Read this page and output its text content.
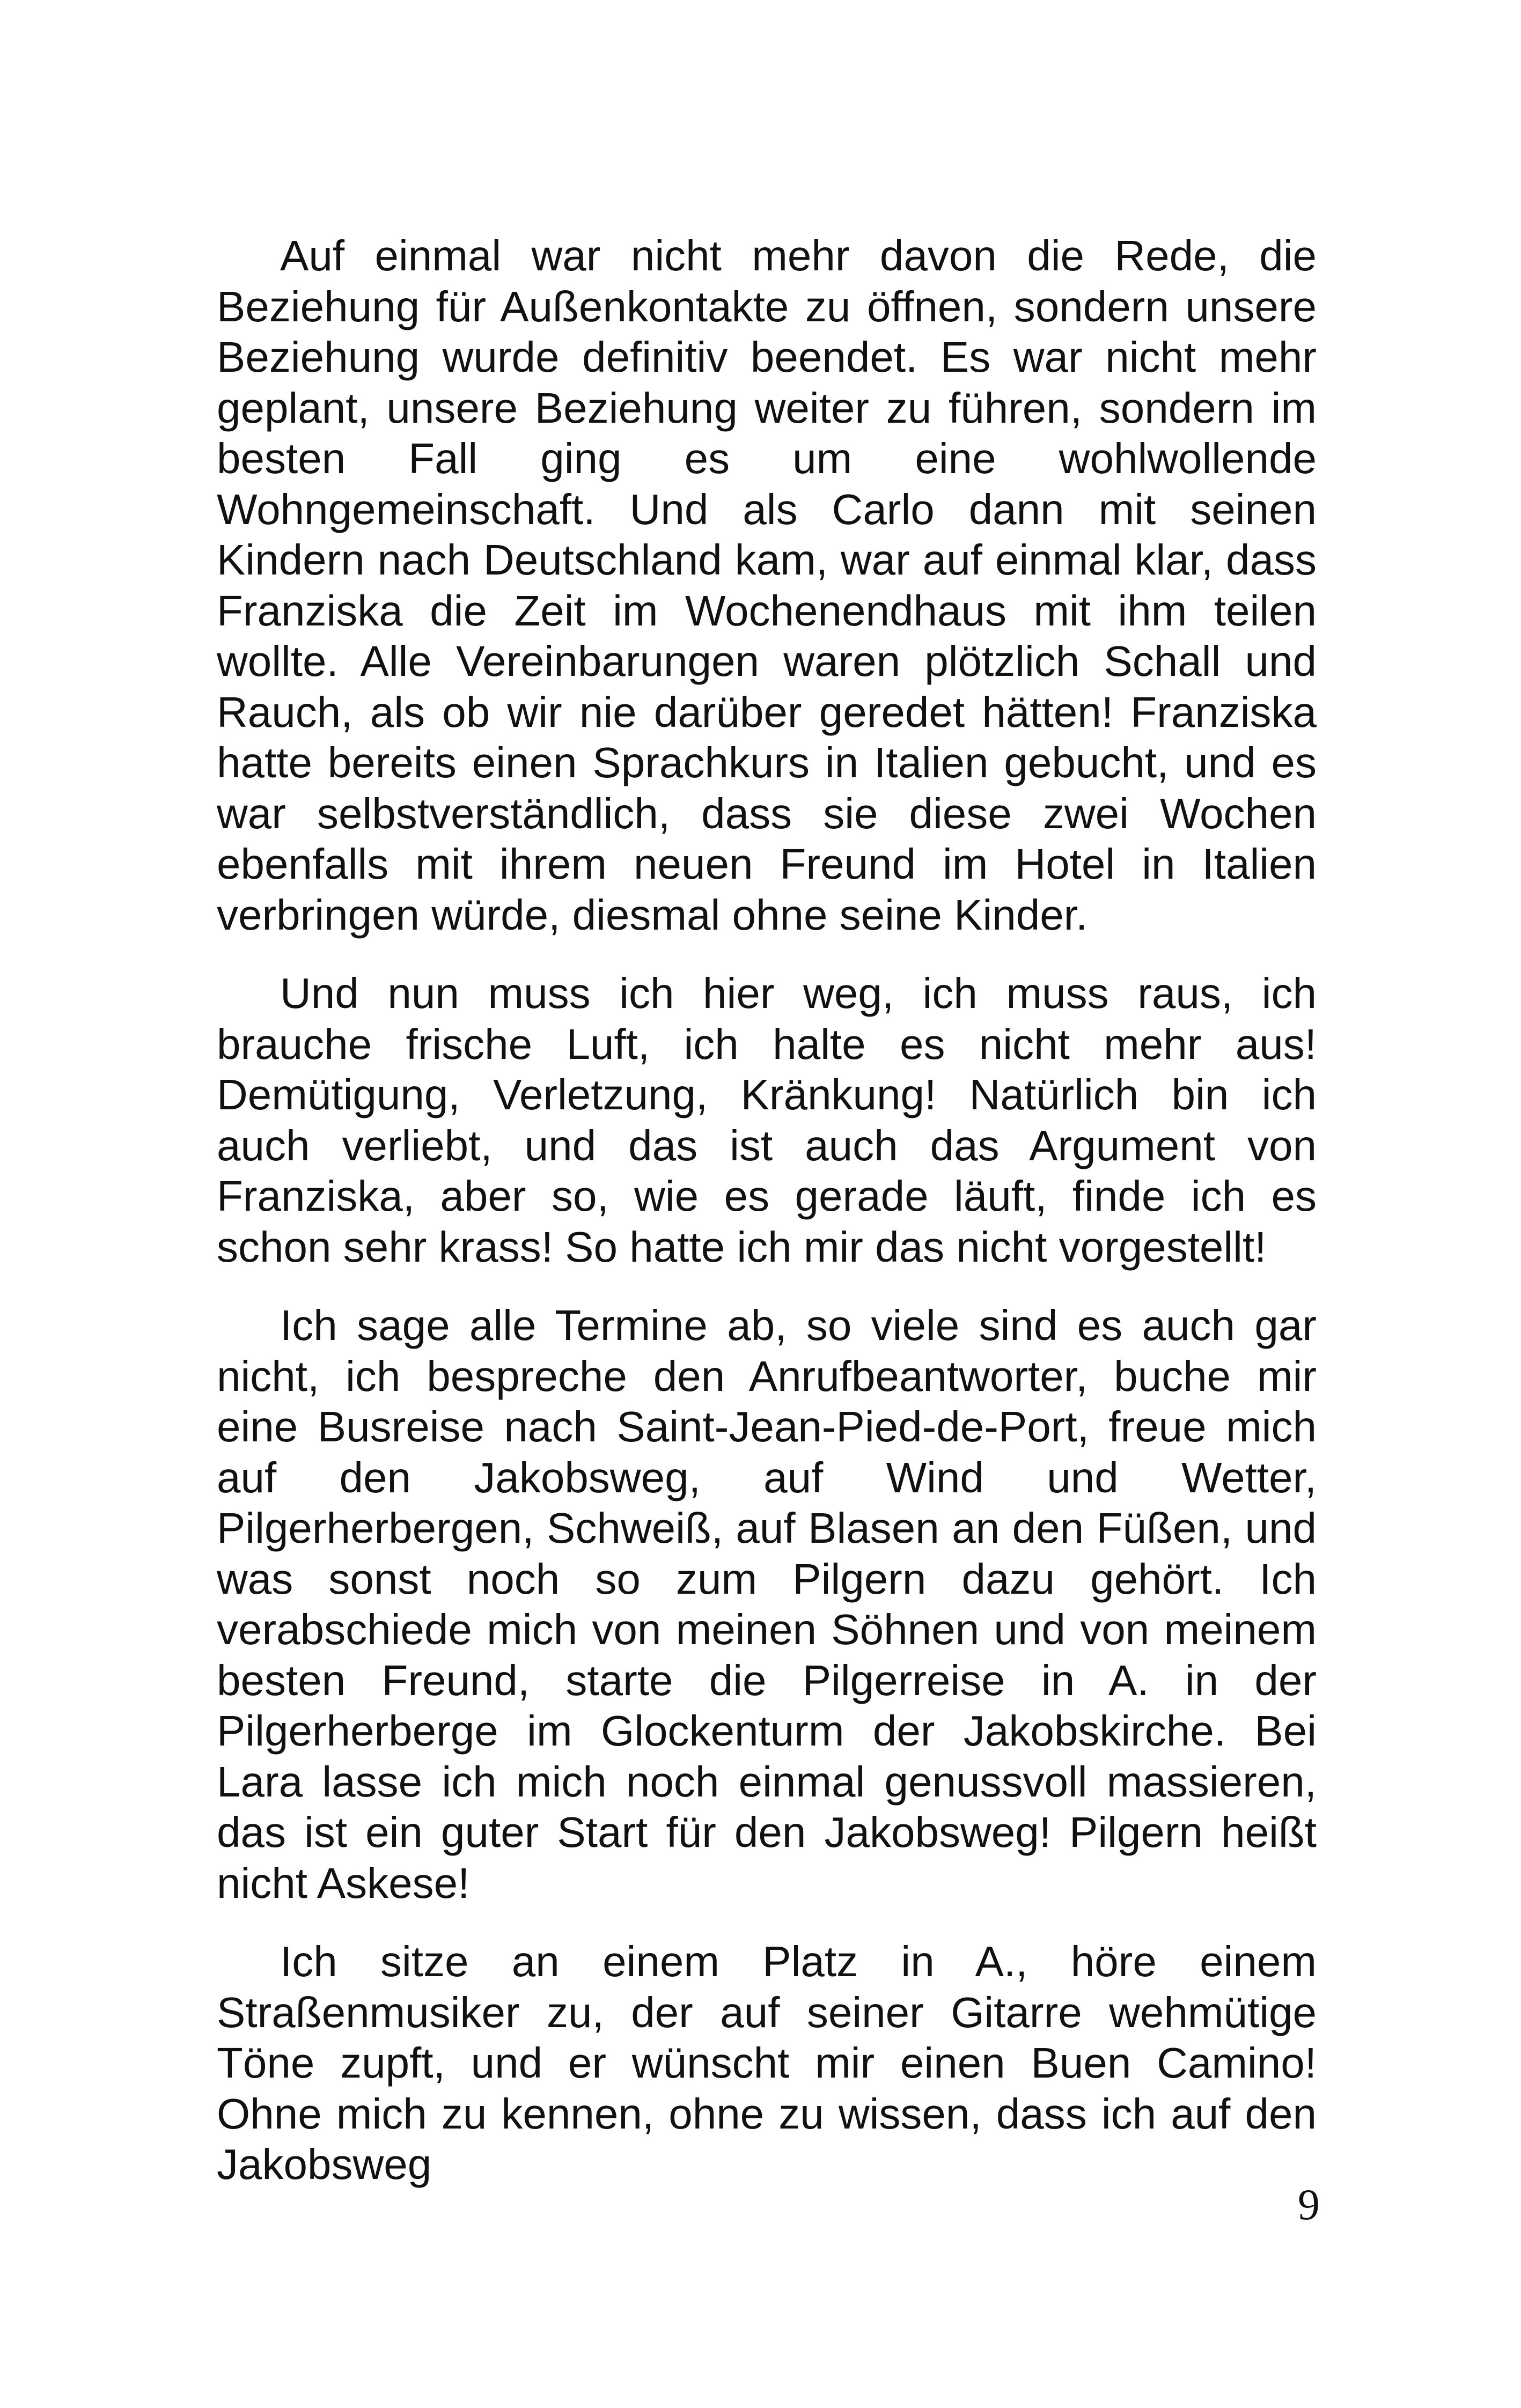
Auf einmal war nicht mehr davon die Rede, die Beziehung für Außenkontakte zu öffnen, sondern unsere Beziehung wurde definitiv beendet. Es war nicht mehr geplant, unsere Beziehung weiter zu führen, sondern im besten Fall ging es um eine wohlwollende Wohngemeinschaft. Und als Carlo dann mit seinen Kindern nach Deutschland kam, war auf einmal klar, dass Franziska die Zeit im Wochenendhaus mit ihm teilen wollte. Alle Vereinbarungen waren plötzlich Schall und Rauch, als ob wir nie darüber geredet hätten! Franziska hatte bereits einen Sprachkurs in Italien gebucht, und es war selbstverständlich, dass sie diese zwei Wochen ebenfalls mit ihrem neuen Freund im Hotel in Italien verbringen würde, diesmal ohne seine Kinder.

Und nun muss ich hier weg, ich muss raus, ich brauche frische Luft, ich halte es nicht mehr aus! Demütigung, Verletzung, Kränkung! Natürlich bin ich auch verliebt, und das ist auch das Argument von Franziska, aber so, wie es gerade läuft, finde ich es schon sehr krass! So hatte ich mir das nicht vorgestellt!

Ich sage alle Termine ab, so viele sind es auch gar nicht, ich bespreche den Anrufbeantworter, buche mir eine Busreise nach Saint-Jean-Pied-de-Port, freue mich auf den Jakobsweg, auf Wind und Wetter, Pilgerherbergen, Schweiß, auf Blasen an den Füßen, und was sonst noch so zum Pilgern dazu gehört. Ich verabschiede mich von meinen Söhnen und von meinem besten Freund, starte die Pilgerreise in A. in der Pilgerherberge im Glockenturm der Jakobskirche. Bei Lara lasse ich mich noch einmal genussvoll massieren, das ist ein guter Start für den Jakobsweg! Pilgern heißt nicht Askese!

Ich sitze an einem Platz in A., höre einem Straßenmusiker zu, der auf seiner Gitarre wehmütige Töne zupft, und er wünscht mir einen Buen Camino! Ohne mich zu kennen, ohne zu wissen, dass ich auf den Jakobsweg

9
